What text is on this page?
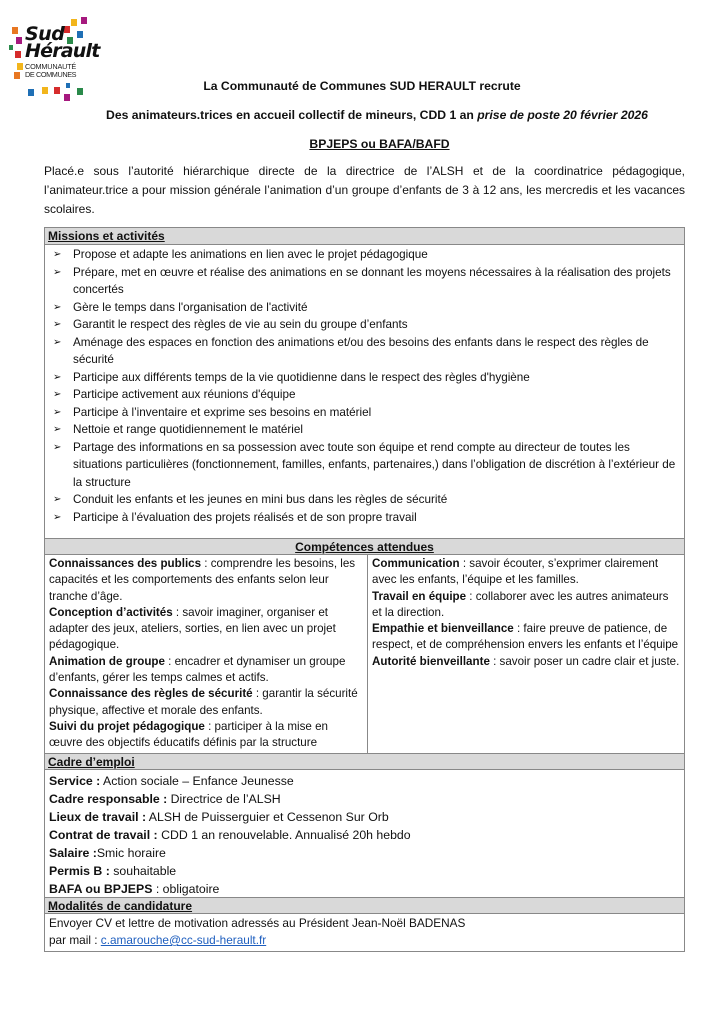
Sud
Hérault
COMMUNAUTÉ
DE COMMUNES
La Communauté de Communes SUD HERAULT recrute
Des animateurs.trices en accueil collectif de mineurs, CDD 1 an prise de poste 20 février 2026
BPJEPS ou BAFA/BAFD

Placé.e sous l’autorité hiérarchique directe de la directrice de l’ALSH et de la coordinatrice pédagogique, l’animateur.trice a pour mission générale l’animation d’un groupe d’enfants de 3 à 12 ans, les mercredis et les vacances scolaires.

Missions et activités
➢ Propose et adapte les animations en lien avec le projet pédagogique
➢ Prépare, met en œuvre et réalise des animations en se donnant les moyens nécessaires à la réalisation des projets concertés
➢ Gère le temps dans l'organisation de l'activité
➢ Garantit le respect des règles de vie au sein du groupe d’enfants
➢ Aménage des espaces en fonction des animations et/ou des besoins des enfants dans le respect des règles de sécurité
➢ Participe aux différents temps de la vie quotidienne dans le respect des règles d'hygiène
➢ Participe activement aux réunions d'équipe
➢ Participe à l’inventaire et exprime ses besoins en matériel
➢ Nettoie et range quotidiennement le matériel
➢ Partage des informations en sa possession avec toute son équipe et rend compte au directeur de toutes les situations particulières (fonctionnement, familles, enfants, partenaires,) dans l’obligation de discrétion à l’extérieur de la structure
➢ Conduit les enfants et les jeunes en mini bus dans les règles de sécurité
➢ Participe à l’évaluation des projets réalisés et de son propre travail
Compétences attendues
Connaissances des publics : comprendre les besoins, les capacités et les comportements des enfants selon leur tranche d’âge.
Conception d’activités : savoir imaginer, organiser et adapter des jeux, ateliers, sorties, en lien avec un projet pédagogique.
Animation de groupe : encadrer et dynamiser un groupe d’enfants, gérer les temps calmes et actifs.
Connaissance des règles de sécurité : garantir la sécurité physique, affective et morale des enfants.
Suivi du projet pédagogique : participer à la mise en œuvre des objectifs éducatifs définis par la structure
Communication : savoir écouter, s’exprimer clairement avec les enfants, l’équipe et les familles.
Travail en équipe : collaborer avec les autres animateurs et la direction.
Empathie et bienveillance : faire preuve de patience, de respect, et de compréhension envers les enfants et l’équipe
Autorité bienveillante : savoir poser un cadre clair et juste.
Cadre d’emploi
Service : Action sociale – Enfance Jeunesse
Cadre responsable : Directrice de l’ALSH
Lieux de travail : ALSH de Puisserguier et Cessenon Sur Orb
Contrat de travail : CDD 1 an renouvelable. Annualisé 20h hebdo
Salaire :Smic horaire
Permis B : souhaitable
BAFA ou BPJEPS : obligatoire
Modalités de candidature
Envoyer CV et lettre de motivation adressés au Président Jean-Noël BADENAS
par mail : c.amarouche@cc-sud-herault.fr
